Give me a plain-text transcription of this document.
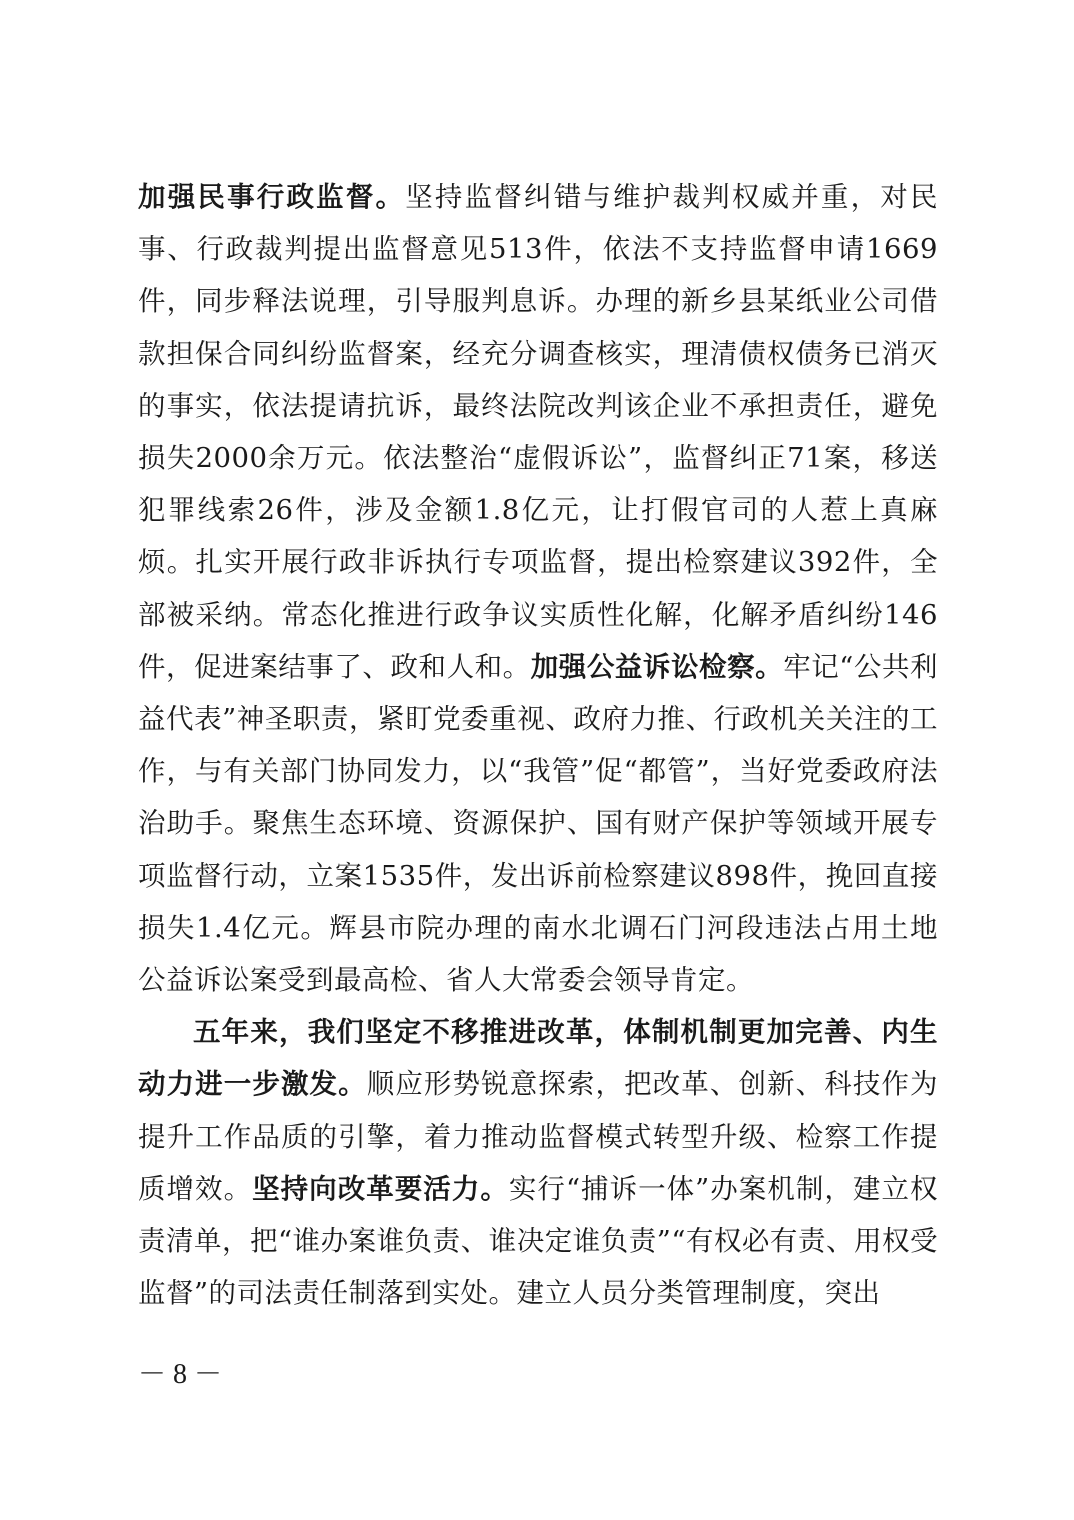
加强民事行政监督。坚持监督纠错与维护裁判权威并重，对民事、行政裁判提出监督意见513件，依法不支持监督申请1669件，同步释法说理，引导服判息诉。办理的新乡县某纸业公司借款担保合同纠纷监督案，经充分调查核实，理清债权债务已消灭的事实，依法提请抗诉，最终法院改判该企业不承担责任，避免损失2000余万元。依法整治“虚假诉讼”，监督纠正71案，移送犯罪线索26件，涉及金额1.8亿元，让打假官司的人惹上真麻烦。扎实开展行政非诉执行专项监督，提出检察建议392件，全部被采纳。常态化推进行政争议实质性化解，化解矛盾纠纷146件，促进案结事了、政和人和。加强公益诉讼检察。牢记“公共利益代表”神圣职责，紧盯党委重视、政府力推、行政机关关注的工作，与有关部门协同发力，以“我管”促“都管”，当好党委政府法治助手。聚焦生态环境、资源保护、国有财产保护等领域开展专项监督行动，立案1535件，发出诉前检察建议898件，挽回直接损失1.4亿元。辉县市院办理的南水北调石门河段违法占用土地公益诉讼案受到最高检、省人大常委会领导肯定。

五年来，我们坚定不移推进改革，体制机制更加完善、内生动力进一步激发。顺应形势锐意探索，把改革、创新、科技作为提升工作品质的引擎，着力推动监督模式转型升级、检察工作提质增效。坚持向改革要活力。实行“捕诉一体”办案机制，建立权责清单，把“谁办案谁负责、谁决定谁负责”“有权必有责、用权受监督”的司法责任制落到实处。建立人员分类管理制度，突出

－ 8 －
